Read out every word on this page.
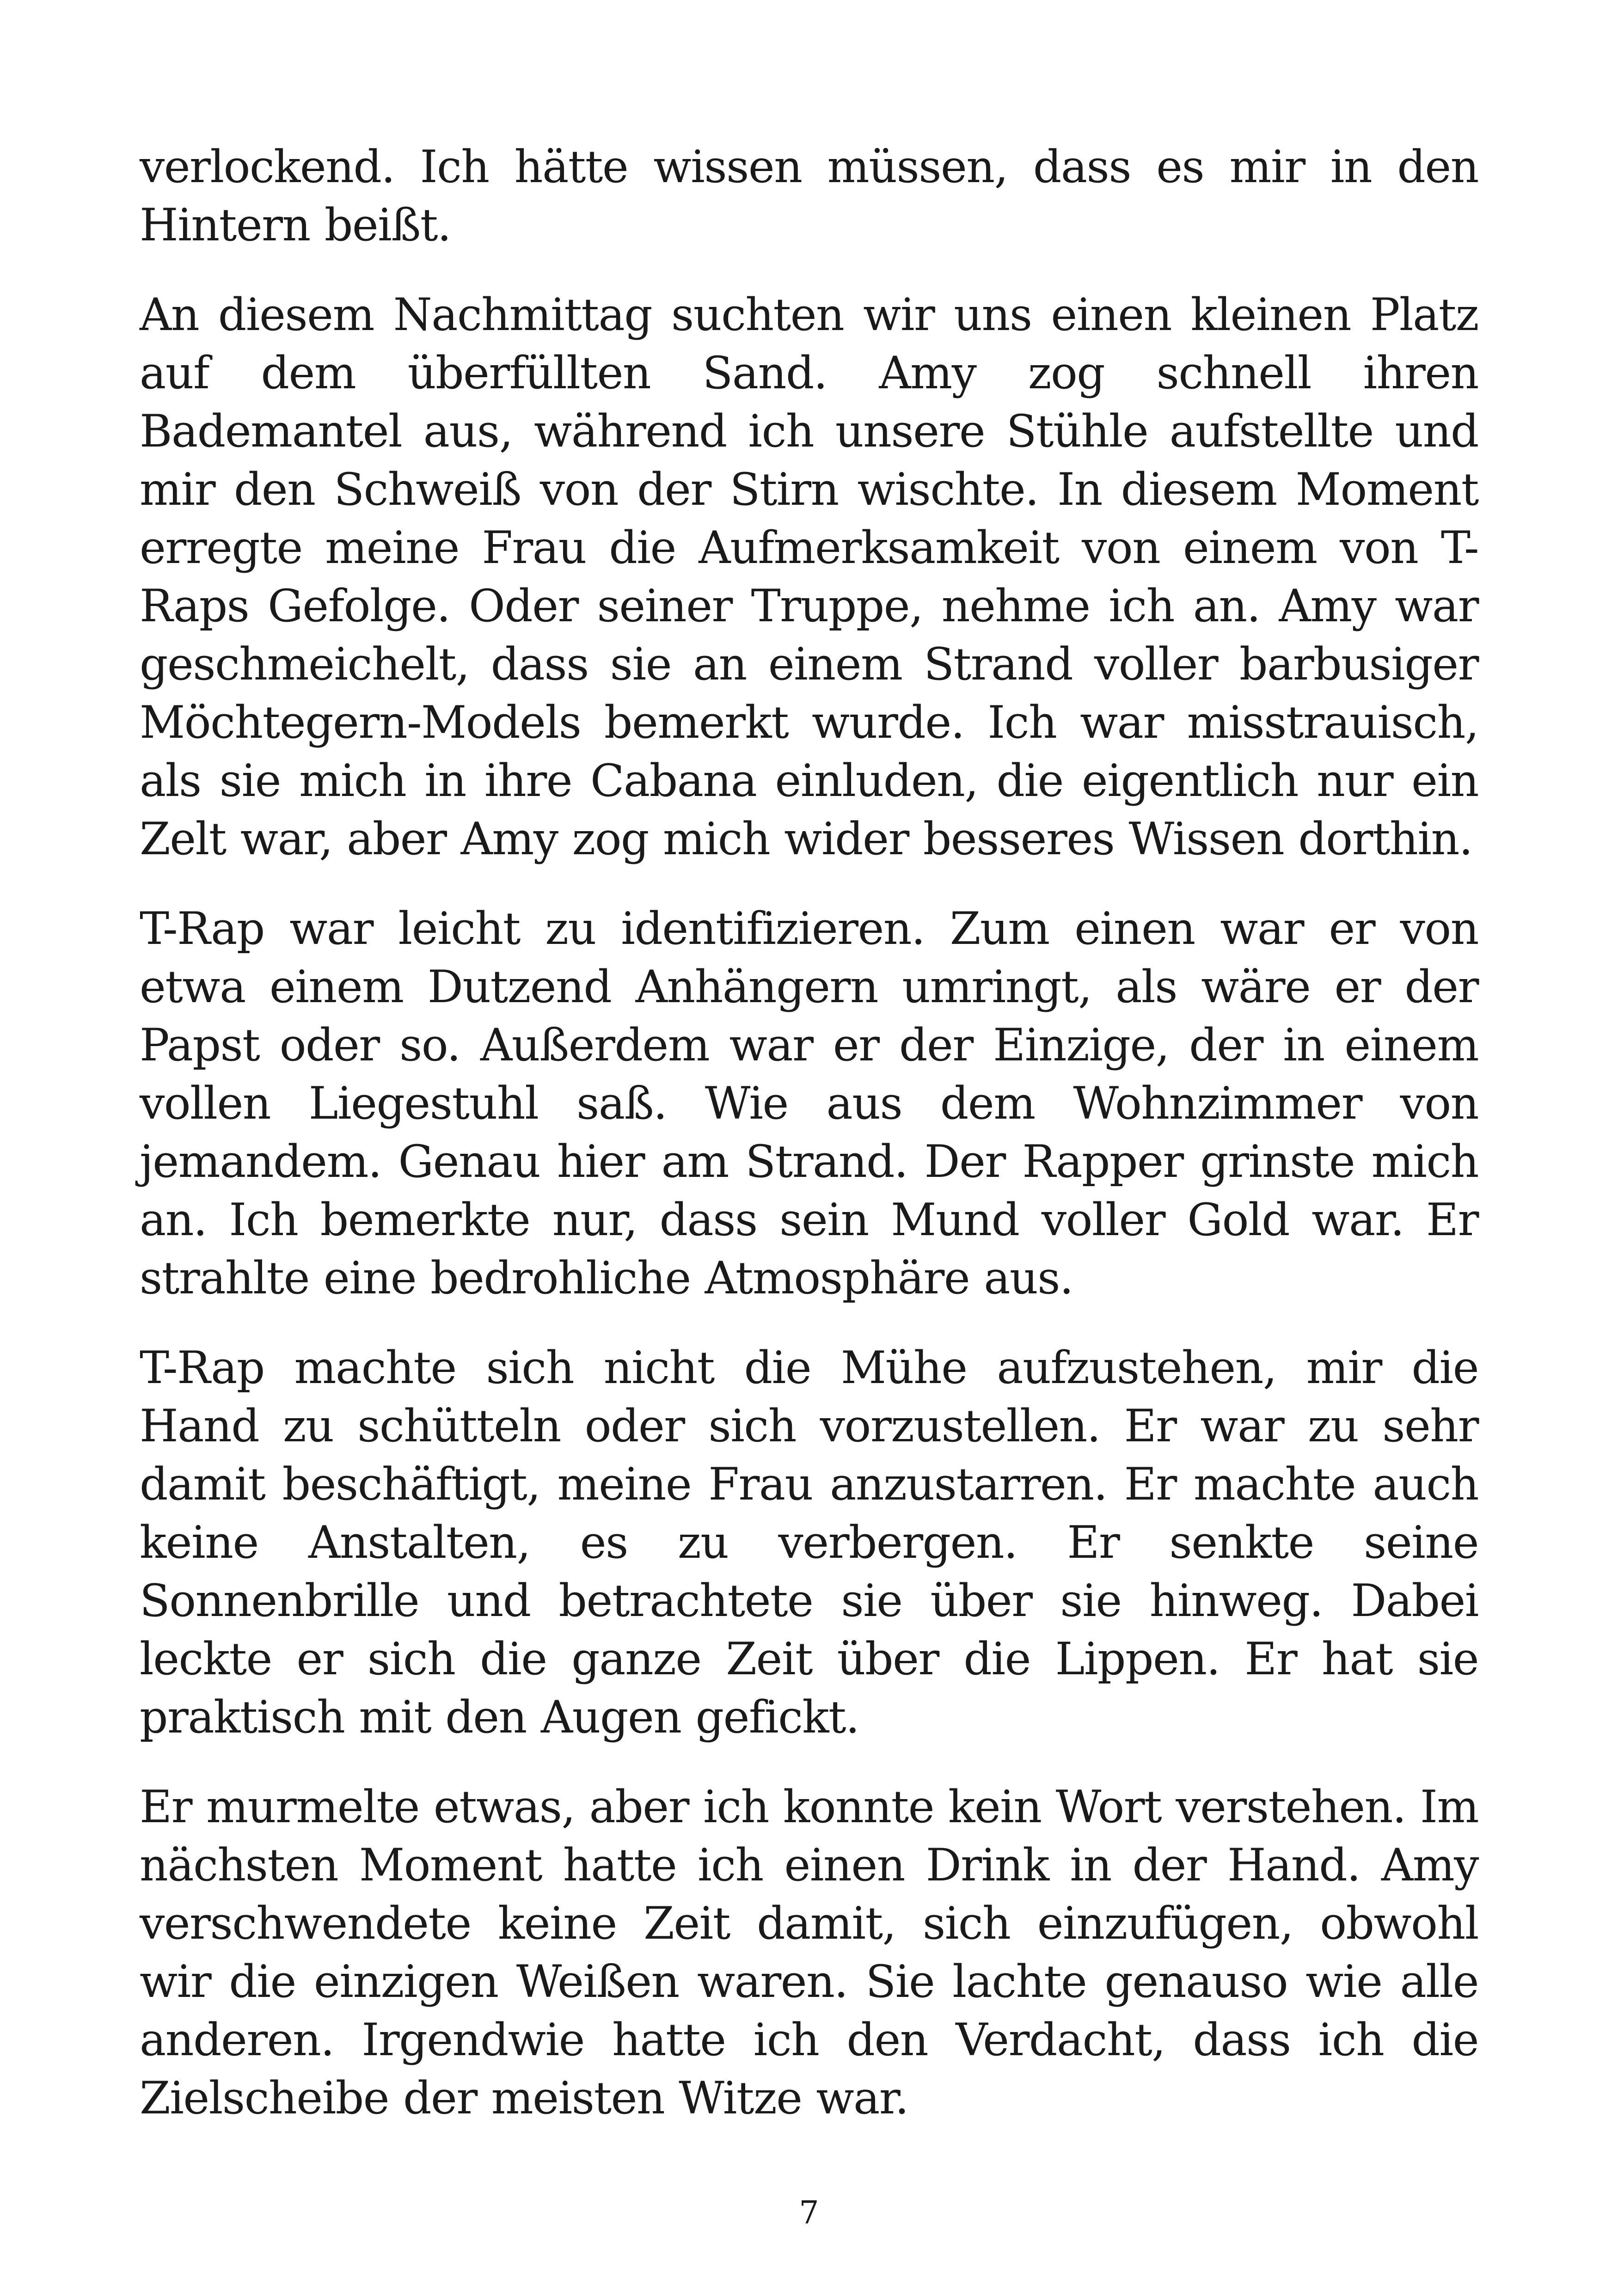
verlockend. Ich hätte wissen müssen, dass es mir in den Hintern beißt.

An diesem Nachmittag suchten wir uns einen kleinen Platz auf dem überfüllten Sand. Amy zog schnell ihren Bademantel aus, während ich unsere Stühle aufstellte und mir den Schweiß von der Stirn wischte. In diesem Moment erregte meine Frau die Aufmerksamkeit von einem von T-Raps Gefolge. Oder seiner Truppe, nehme ich an. Amy war geschmeichelt, dass sie an einem Strand voller barbusiger Möchtegern-Models bemerkt wurde. Ich war misstrauisch, als sie mich in ihre Cabana einluden, die eigentlich nur ein Zelt war, aber Amy zog mich wider besseres Wissen dorthin.

T-Rap war leicht zu identifizieren. Zum einen war er von etwa einem Dutzend Anhängern umringt, als wäre er der Papst oder so. Außerdem war er der Einzige, der in einem vollen Liegestuhl saß. Wie aus dem Wohnzimmer von jemandem. Genau hier am Strand. Der Rapper grinste mich an. Ich bemerkte nur, dass sein Mund voller Gold war. Er strahlte eine bedrohliche Atmosphäre aus.

T-Rap machte sich nicht die Mühe aufzustehen, mir die Hand zu schütteln oder sich vorzustellen. Er war zu sehr damit beschäftigt, meine Frau anzustarren. Er machte auch keine Anstalten, es zu verbergen. Er senkte seine Sonnenbrille und betrachtete sie über sie hinweg. Dabei leckte er sich die ganze Zeit über die Lippen. Er hat sie praktisch mit den Augen gefickt.

Er murmelte etwas, aber ich konnte kein Wort verstehen. Im nächsten Moment hatte ich einen Drink in der Hand. Amy verschwendete keine Zeit damit, sich einzufügen, obwohl wir die einzigen Weißen waren. Sie lachte genauso wie alle anderen. Irgendwie hatte ich den Verdacht, dass ich die Zielscheibe der meisten Witze war.

7
